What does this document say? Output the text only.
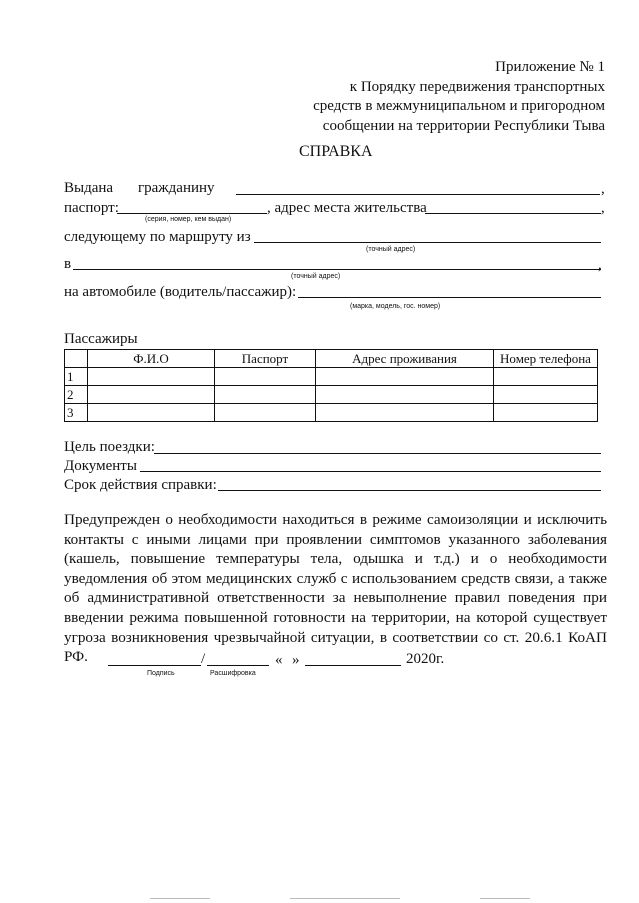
Приложение № 1
к Порядку передвижения транспортных
средств в межмуниципальном и пригородном
сообщении на территории Республики Тыва
СПРАВКА
Выдана гражданину	,
паспорт:
(серия, номер, кем выдан)
, адрес места жительства	,
следующему по маршруту из
(точный адрес)
в	,
(точный адрес)
на автомобиле (водитель/пассажир):
(марка, модель, гос. номер)
Пассажиры
	Ф.И.О	Паспорт	Адрес проживания	Номер телефона
1				
2				
3				
Цель поездки:
Документы
Срок действия справки:
Предупрежден о необходимости находиться в режиме самоизоляции и исключить контакты с иными лицами при проявлении симптомов указанного заболевания (кашель, повышение температуры тела, одышка и т.д.) и о необходимости уведомления об этом медицинских служб с использованием средств связи, а также об административной ответственности за невыполнение правил поведения при введении режима повышенной готовности на территории, на которой существует угроза возникновения чрезвычайной ситуации, в соответствии со ст. 20.6.1 КоАП РФ.	/	« »	2020г.
Подпись	Расшифровка
